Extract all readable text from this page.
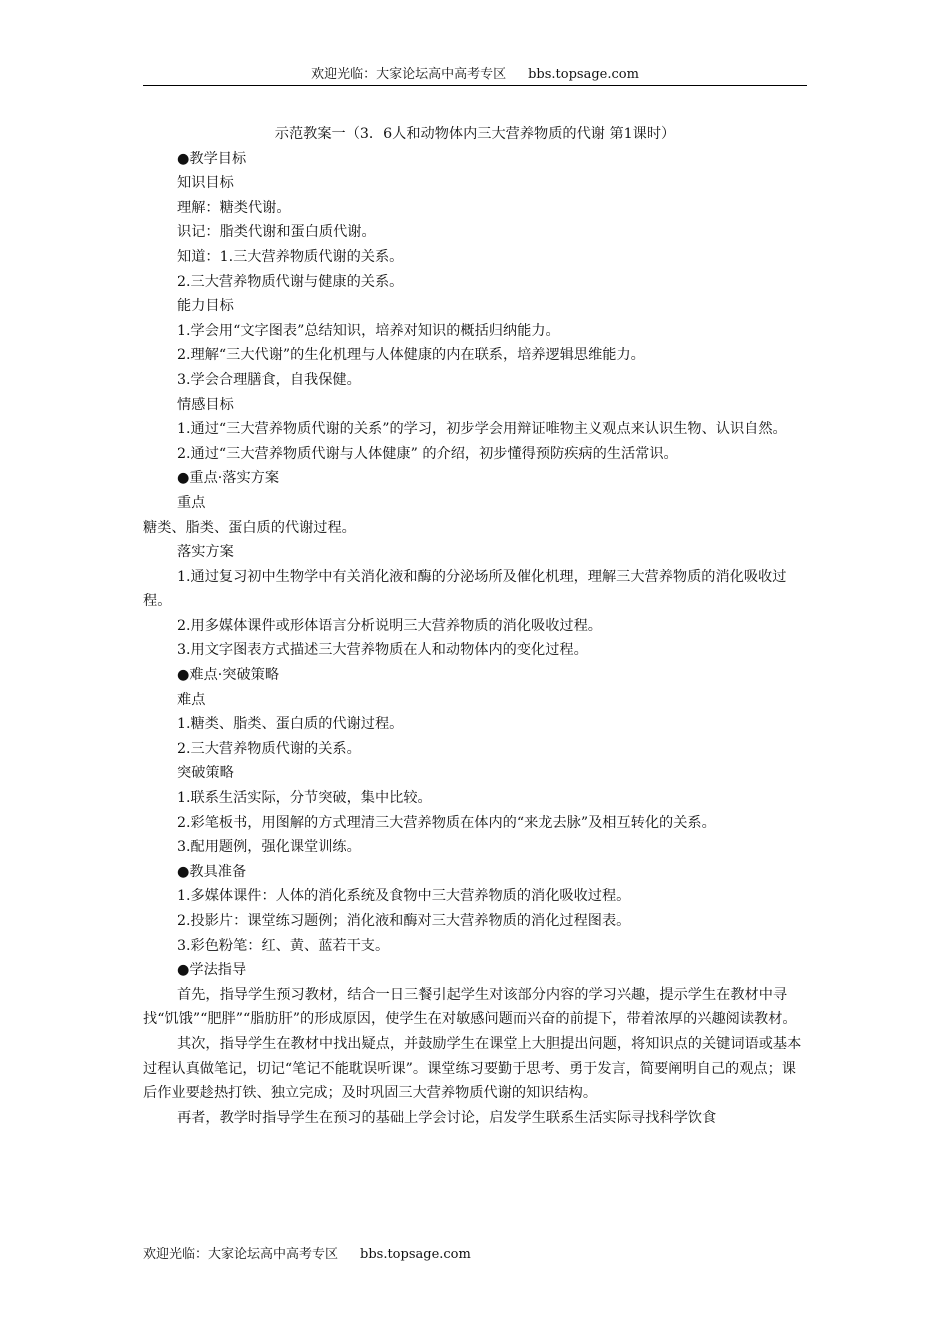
欢迎光临：大家论坛高中高考专区 bbs.topsage.com

示范教案一（3．6人和动物体内三大营养物质的代谢 第1课时）

●教学目标

知识目标

理解：糖类代谢。

识记：脂类代谢和蛋白质代谢。

知道：1.三大营养物质代谢的关系。

2.三大营养物质代谢与健康的关系。

能力目标

1.学会用“文字图表”总结知识，培养对知识的概括归纳能力。

2.理解“三大代谢”的生化机理与人体健康的内在联系，培养逻辑思维能力。

3.学会合理膳食，自我保健。

情感目标

1.通过“三大营养物质代谢的关系”的学习，初步学会用辩证唯物主义观点来认识生物、认识自然。

2.通过“三大营养物质代谢与人体健康” 的介绍，初步懂得预防疾病的生活常识。

●重点·落实方案

重点

糖类、脂类、蛋白质的代谢过程。

落实方案

1.通过复习初中生物学中有关消化液和酶的分泌场所及催化机理，理解三大营养物质的消化吸收过程。

2.用多媒体课件或形体语言分析说明三大营养物质的消化吸收过程。

3.用文字图表方式描述三大营养物质在人和动物体内的变化过程。

●难点·突破策略

难点

1.糖类、脂类、蛋白质的代谢过程。

2.三大营养物质代谢的关系。

突破策略

1.联系生活实际，分节突破，集中比较。

2.彩笔板书，用图解的方式理清三大营养物质在体内的“来龙去脉”及相互转化的关系。

3.配用题例，强化课堂训练。

●教具准备

1.多媒体课件：人体的消化系统及食物中三大营养物质的消化吸收过程。

2.投影片：课堂练习题例；消化液和酶对三大营养物质的消化过程图表。

3.彩色粉笔：红、黄、蓝若干支。

●学法指导

首先，指导学生预习教材，结合一日三餐引起学生对该部分内容的学习兴趣，提示学生在教材中寻找“饥饿”“肥胖”“脂肪肝”的形成原因，使学生在对敏感问题而兴奋的前提下，带着浓厚的兴趣阅读教材。

其次，指导学生在教材中找出疑点，并鼓励学生在课堂上大胆提出问题，将知识点的关键词语或基本过程认真做笔记，切记“笔记不能耽误听课”。课堂练习要勤于思考、勇于发言，简要阐明自己的观点；课后作业要趁热打铁、独立完成；及时巩固三大营养物质代谢的知识结构。

再者，教学时指导学生在预习的基础上学会讨论，启发学生联系生活实际寻找科学饮食

欢迎光临：大家论坛高中高考专区 bbs.topsage.com
